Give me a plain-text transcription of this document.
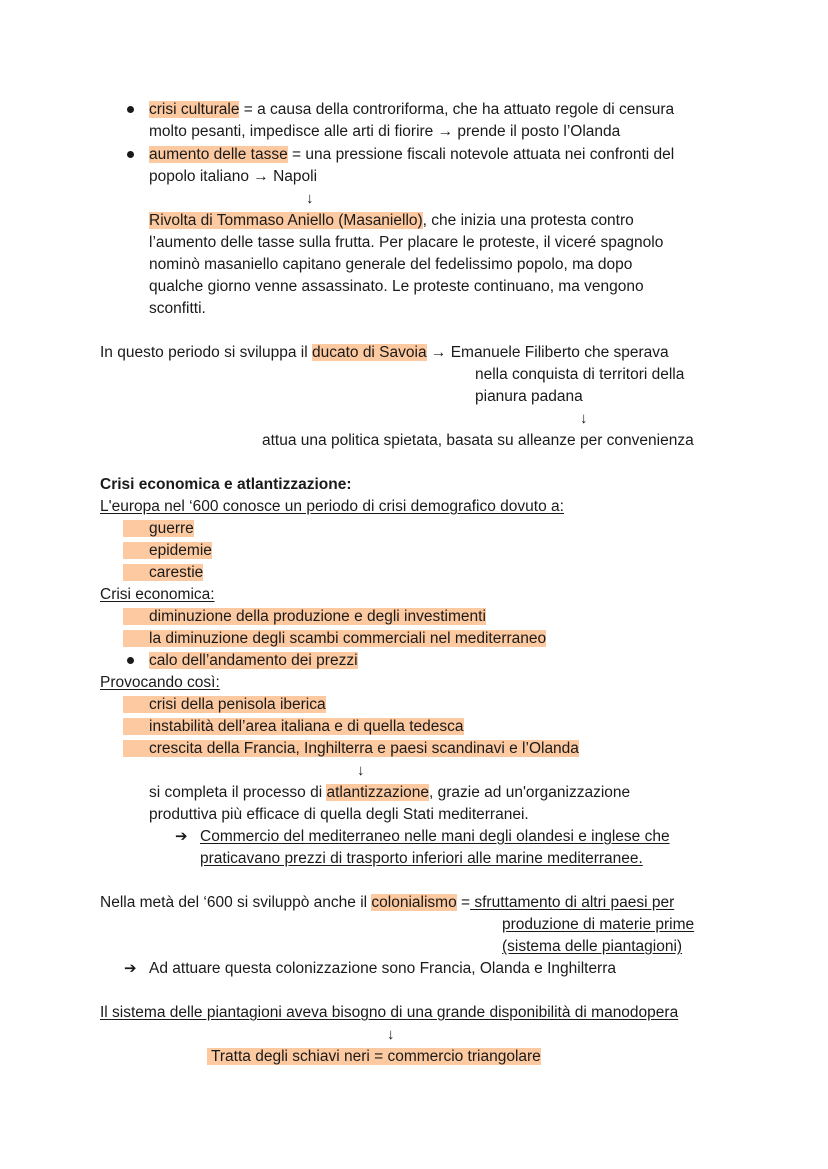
crisi culturale = a causa della controriforma, che ha attuato regole di censura
molto pesanti, impedisce alle arti di fiorire → prende il posto l’Olanda
aumento delle tasse = una pressione fiscali notevole attuata nei confronti del
popolo italiano → Napoli
↓
Rivolta di Tommaso Aniello (Masaniello), che inizia una protesta contro
l’aumento delle tasse sulla frutta. Per placare le proteste, il viceré spagnolo
nominò masaniello capitano generale del fedelissimo popolo, ma dopo
qualche giorno venne assassinato. Le proteste continuano, ma vengono
sconfitti.
In questo periodo si sviluppa il ducato di Savoia → Emanuele Filiberto che sperava
nella conquista di territori della
pianura padana
↓
attua una politica spietata, basata su alleanze per convenienza
Crisi economica e atlantizzazione:
L'europa nel ‘600 conosce un periodo di crisi demografico dovuto a:
guerre
epidemie
carestie
Crisi economica:
diminuzione della produzione e degli investimenti
la diminuzione degli scambi commerciali nel mediterraneo
calo dell’andamento dei prezzi
Provocando così:
crisi della penisola iberica
instabilità dell’area italiana e di quella tedesca
crescita della Francia, Inghilterra e paesi scandinavi e l’Olanda
↓
si completa il processo di atlantizzazione, grazie ad un'organizzazione
produttiva più efficace di quella degli Stati mediterranei.
➔ Commercio del mediterraneo nelle mani degli olandesi e inglese che
praticavano prezzi di trasporto inferiori alle marine mediterranee.
Nella metà del ‘600 si sviluppò anche il colonialismo = sfruttamento di altri paesi per
produzione di materie prime
(sistema delle piantagioni)
➔ Ad attuare questa colonizzazione sono Francia, Olanda e Inghilterra
Il sistema delle piantagioni aveva bisogno di una grande disponibilità di manodopera
↓
Tratta degli schiavi neri = commercio triangolare
